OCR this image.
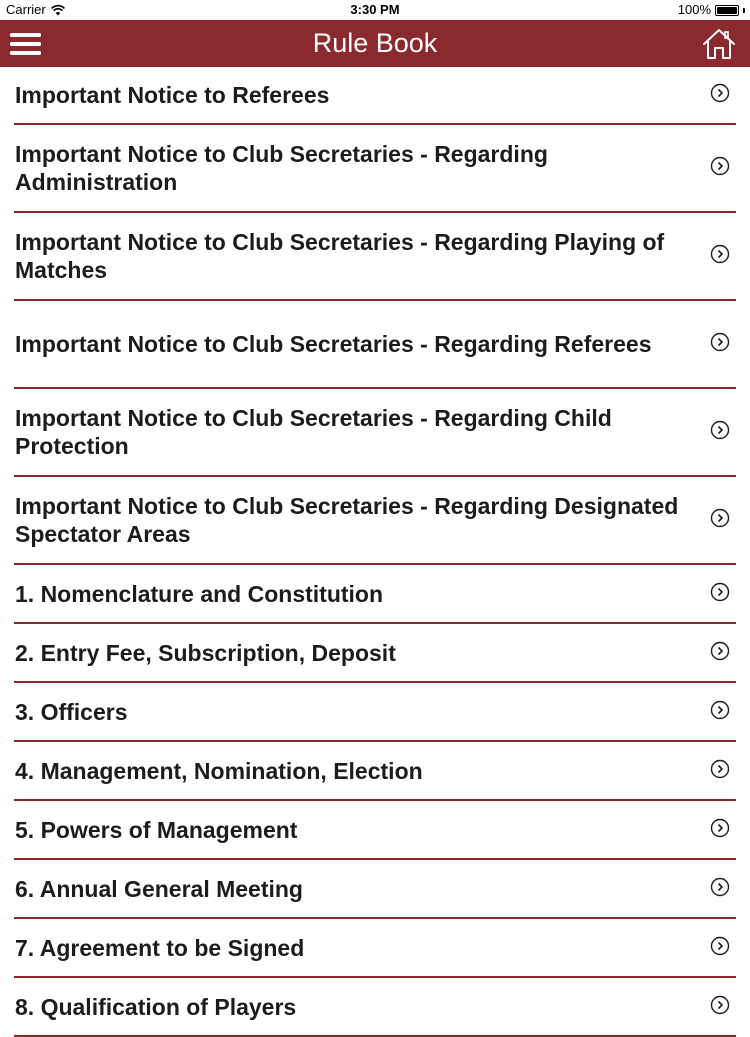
Carrier	3:30 PM	100%
Rule Book
Important Notice to Referees
Important Notice to Club Secretaries - Regarding Administration
Important Notice to Club Secretaries - Regarding Playing of Matches
Important Notice to Club Secretaries - Regarding Referees
Important Notice to Club Secretaries - Regarding Child Protection
Important Notice to Club Secretaries - Regarding Designated Spectator Areas
1. Nomenclature and Constitution
2. Entry Fee, Subscription, Deposit
3. Officers
4. Management, Nomination, Election
5. Powers of Management
6. Annual General Meeting
7. Agreement to be Signed
8. Qualification of Players
